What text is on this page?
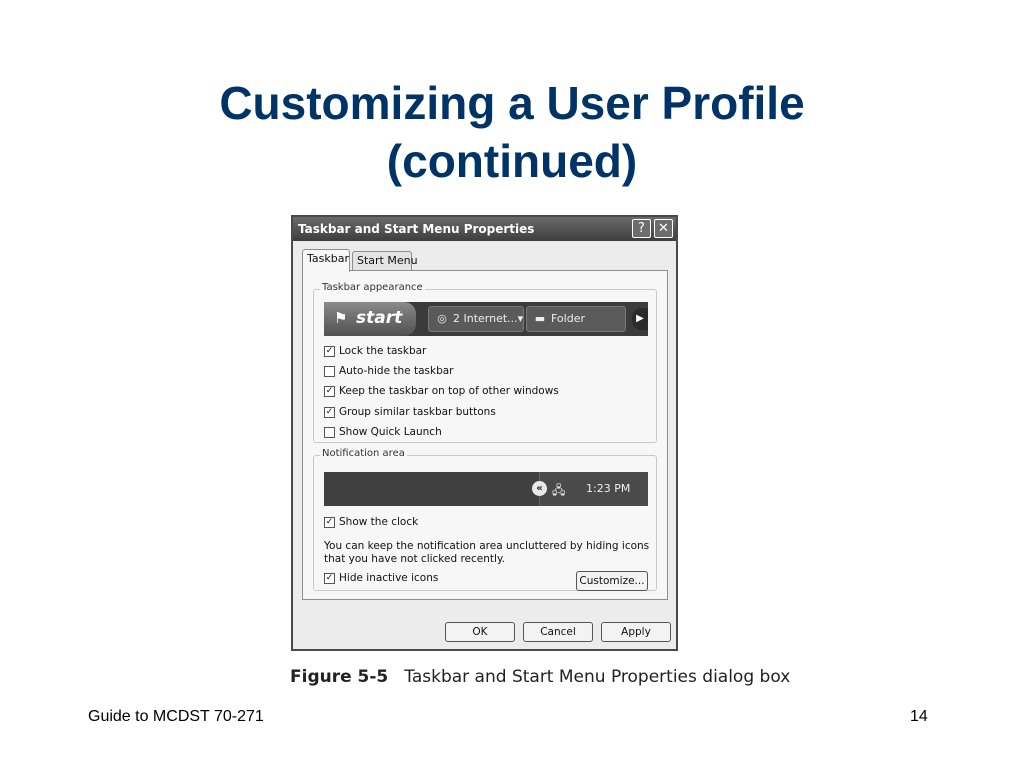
Customizing a User Profile
(continued)
Taskbar and Start Menu Properties	?	✕
Taskbar Start Menu
Taskbar appearance
⚑ start	◎ 2 Internet...▾	▬ Folder	▶
✓ Lock the taskbar
Auto-hide the taskbar
✓ Keep the taskbar on top of other windows
✓ Group similar taskbar buttons
Show Quick Launch
Notification area
« 🖧 1:23 PM
✓ Show the clock
You can keep the notification area uncluttered by hiding icons that you have not clicked recently.
✓ Hide inactive icons	Customize...
OK	Cancel	Apply
Figure 5-5 Taskbar and Start Menu Properties dialog box
Guide to MCDST 70-271	14
